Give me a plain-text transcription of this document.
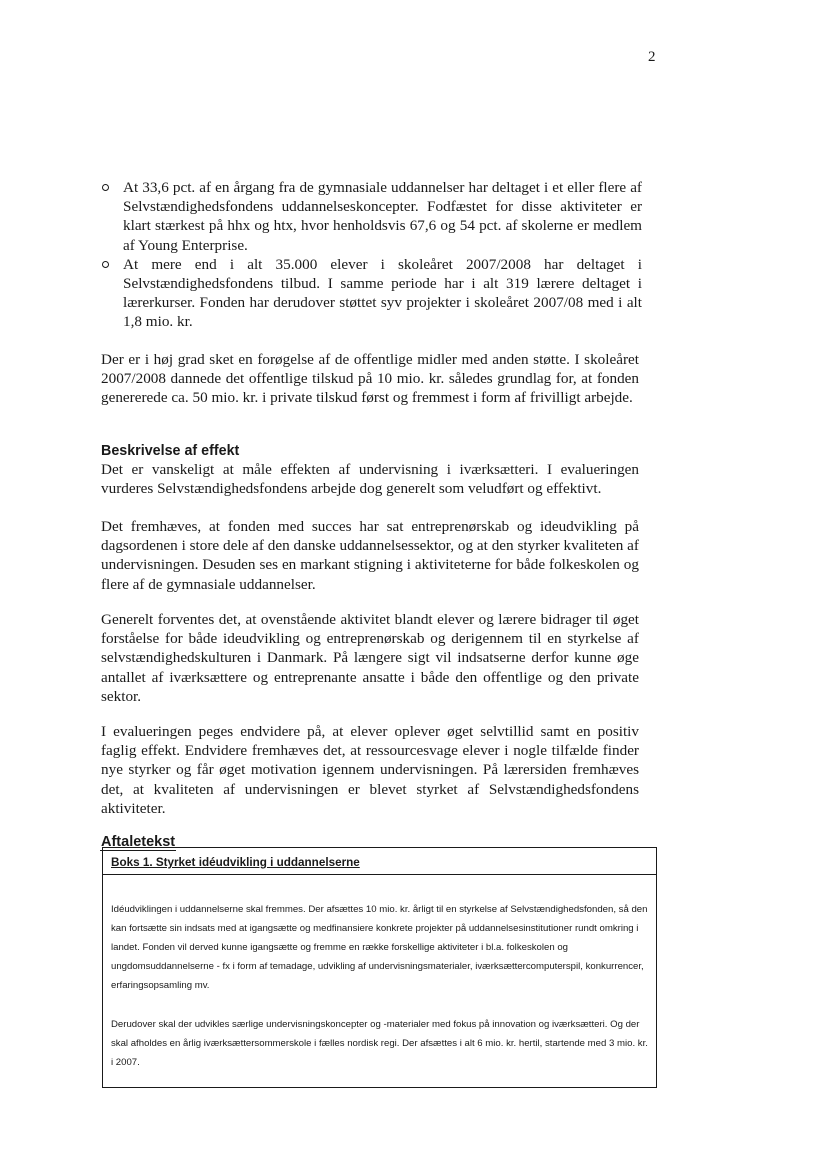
2
At 33,6 pct. af en årgang fra de gymnasiale uddannelser har deltaget i et eller flere af Selvstændighedsfondens uddannelseskoncepter. Fodfæstet for disse aktiviteter er klart stærkest på hhx og htx, hvor henholdsvis 67,6 og 54 pct. af skolerne er medlem af Young Enterprise.
At mere end i alt 35.000 elever i skoleåret 2007/2008 har deltaget i Selvstændighedsfondens tilbud. I samme periode har i alt 319 lærere deltaget i lærerkurser. Fonden har derudover støttet syv projekter i skoleåret 2007/08 med i alt 1,8 mio. kr.

Der er i høj grad sket en forøgelse af de offentlige midler med anden støtte. I skoleåret 2007/2008 dannede det offentlige tilskud på 10 mio. kr. således grundlag for, at fonden genererede ca. 50 mio. kr. i private tilskud først og fremmest i form af frivilligt arbejde.

Beskrivelse af effekt

Det er vanskeligt at måle effekten af undervisning i iværksætteri. I evalueringen vurderes Selvstændighedsfondens arbejde dog generelt som veludført og effektivt.

Det fremhæves, at fonden med succes har sat entreprenørskab og ideudvikling på dagsordenen i store dele af den danske uddannelsessektor, og at den styrker kvaliteten af undervisningen. Desuden ses en markant stigning i aktiviteterne for både folkeskolen og flere af de gymnasiale uddannelser.

Generelt forventes det, at ovenstående aktivitet blandt elever og lærere bidrager til øget forståelse for både ideudvikling og entreprenørskab og derigennem til en styrkelse af selvstændighedskulturen i Danmark. På længere sigt vil indsatserne derfor kunne øge antallet af iværksættere og entreprenante ansatte i både den offentlige og den private sektor.

I evalueringen peges endvidere på, at elever oplever øget selvtillid samt en positiv faglig effekt. Endvidere fremhæves det, at ressourcesvage elever i nogle tilfælde finder nye styrker og får øget motivation igennem undervisningen. På lærersiden fremhæves det, at kvaliteten af undervisningen er blevet styrket af Selvstændighedsfondens aktiviteter.

Aftaletekst
Boks 1. Styrket idéudvikling i uddannelserne

Idéudviklingen i uddannelserne skal fremmes. Der afsættes 10 mio. kr. årligt til en styrkelse af Selvstændighedsfonden, så den kan fortsætte sin indsats med at igangsætte og medfinansiere konkrete projekter på uddannelsesinstitutioner rundt omkring i landet. Fonden vil derved kunne igangsætte og fremme en række forskellige aktiviteter i bl.a. folkeskolen og ungdomsuddannelserne - fx i form af temadage, udvikling af undervisningsmaterialer, iværksættercomputerspil, konkurrencer, erfaringsopsamling mv.

Derudover skal der udvikles særlige undervisningskoncepter og -materialer med fokus på innovation og iværksætteri. Og der skal afholdes en årlig iværksættersommerskole i fælles nordisk regi. Der afsættes i alt 6 mio. kr. hertil, startende med 3 mio. kr. i 2007.
